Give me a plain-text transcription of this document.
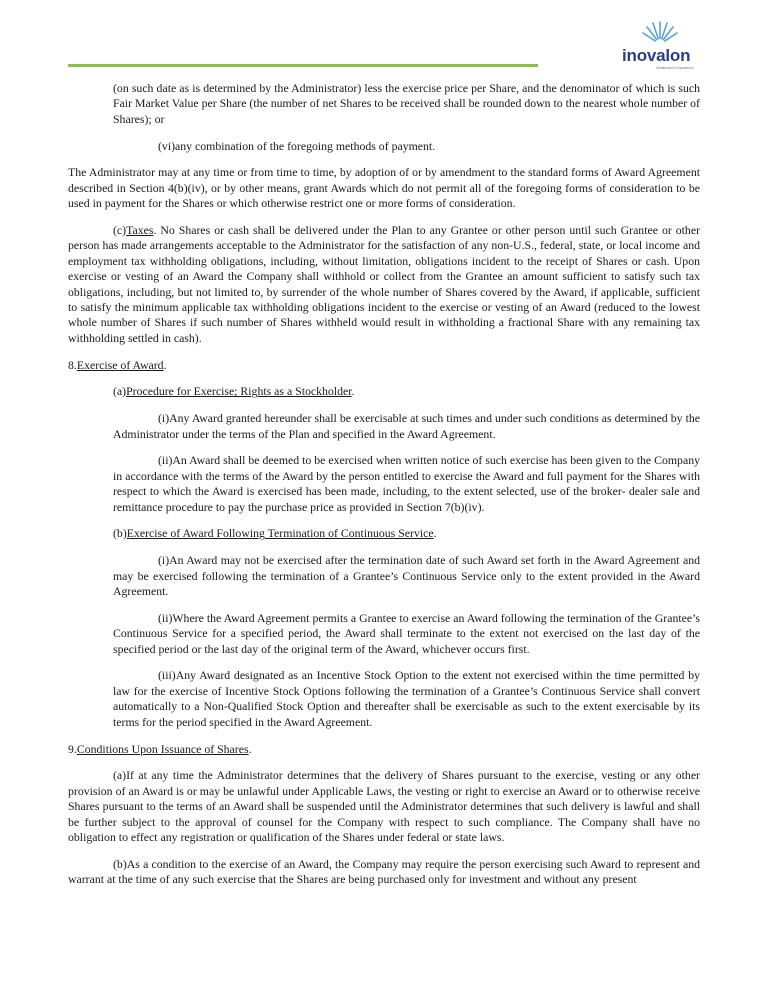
inovalon
Healthcare Empowered

(on such date as is determined by the Administrator) less the exercise price per Share, and the denominator of which is such Fair Market Value per Share (the number of net Shares to be received shall be rounded down to the nearest whole number of Shares); or

(vi)any combination of the foregoing methods of payment.

The Administrator may at any time or from time to time, by adoption of or by amendment to the standard forms of Award Agreement described in Section 4(b)(iv), or by other means, grant Awards which do not permit all of the foregoing forms of consideration to be used in payment for the Shares or which otherwise restrict one or more forms of consideration.

(c)Taxes. No Shares or cash shall be delivered under the Plan to any Grantee or other person until such Grantee or other person has made arrangements acceptable to the Administrator for the satisfaction of any non-U.S., federal, state, or local income and employment tax withholding obligations, including, without limitation, obligations incident to the receipt of Shares or cash. Upon exercise or vesting of an Award the Company shall withhold or collect from the Grantee an amount sufficient to satisfy such tax obligations, including, but not limited to, by surrender of the whole number of Shares covered by the Award, if applicable, sufficient to satisfy the minimum applicable tax withholding obligations incident to the exercise or vesting of an Award (reduced to the lowest whole number of Shares if such number of Shares withheld would result in withholding a fractional Share with any remaining tax withholding settled in cash).

8.Exercise of Award.

(a)Procedure for Exercise; Rights as a Stockholder.

(i)Any Award granted hereunder shall be exercisable at such times and under such conditions as determined by the Administrator under the terms of the Plan and specified in the Award Agreement.

(ii)An Award shall be deemed to be exercised when written notice of such exercise has been given to the Company in accordance with the terms of the Award by the person entitled to exercise the Award and full payment for the Shares with respect to which the Award is exercised has been made, including, to the extent selected, use of the broker- dealer sale and remittance procedure to pay the purchase price as provided in Section 7(b)(iv).

(b)Exercise of Award Following Termination of Continuous Service.

(i)An Award may not be exercised after the termination date of such Award set forth in the Award Agreement and may be exercised following the termination of a Grantee’s Continuous Service only to the extent provided in the Award Agreement.

(ii)Where the Award Agreement permits a Grantee to exercise an Award following the termination of the Grantee’s Continuous Service for a specified period, the Award shall terminate to the extent not exercised on the last day of the specified period or the last day of the original term of the Award, whichever occurs first.

(iii)Any Award designated as an Incentive Stock Option to the extent not exercised within the time permitted by law for the exercise of Incentive Stock Options following the termination of a Grantee’s Continuous Service shall convert automatically to a Non-Qualified Stock Option and thereafter shall be exercisable as such to the extent exercisable by its terms for the period specified in the Award Agreement.

9.Conditions Upon Issuance of Shares.

(a)If at any time the Administrator determines that the delivery of Shares pursuant to the exercise, vesting or any other provision of an Award is or may be unlawful under Applicable Laws, the vesting or right to exercise an Award or to otherwise receive Shares pursuant to the terms of an Award shall be suspended until the Administrator determines that such delivery is lawful and shall be further subject to the approval of counsel for the Company with respect to such compliance. The Company shall have no obligation to effect any registration or qualification of the Shares under federal or state laws.

(b)As a condition to the exercise of an Award, the Company may require the person exercising such Award to represent and warrant at the time of any such exercise that the Shares are being purchased only for investment and without any present
